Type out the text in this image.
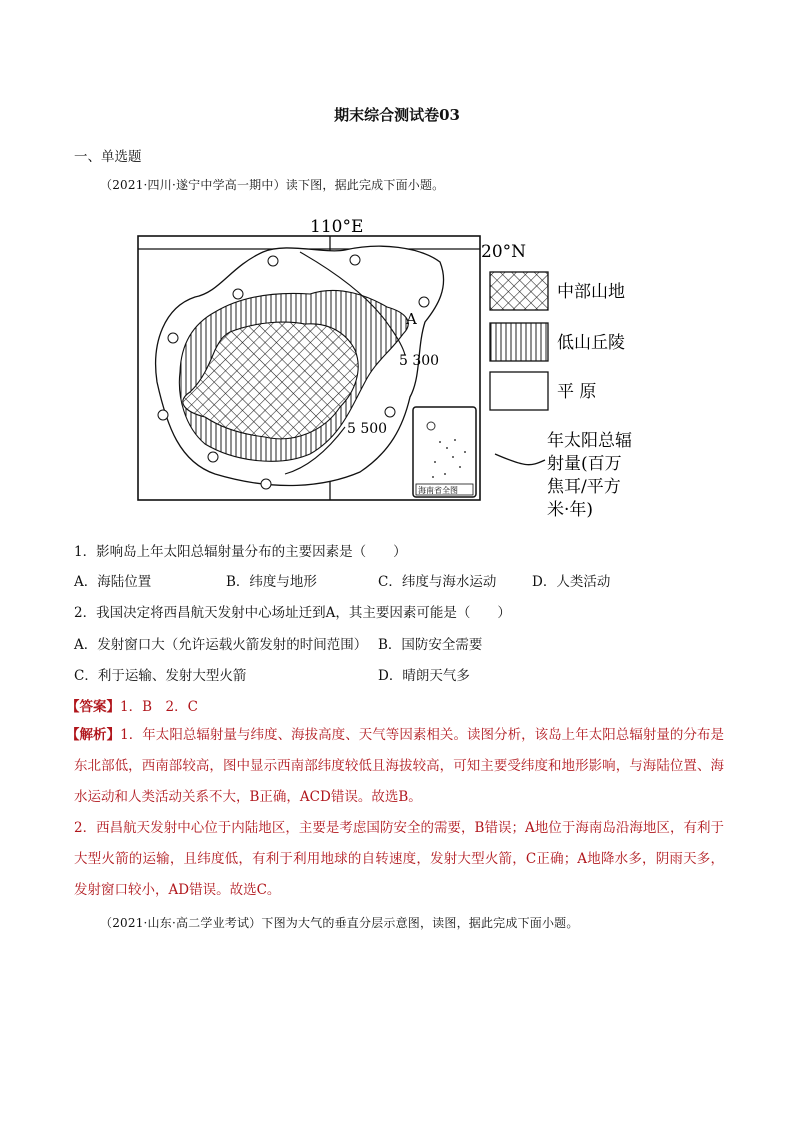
期末综合测试卷03
一、单选题
（2021·四川·遂宁中学高一期中）读下图，据此完成下面小题。
110°E
20°N
5 300
5 500
A
海南省全图
中部山地
低山丘陵
平 原
年太阳总辐
射量(百万
焦耳/平方
米·年)
1．影响岛上年太阳总辐射量分布的主要因素是（　　）
A．海陆位置	B．纬度与地形	C．纬度与海水运动	D．人类活动
2．我国决定将西昌航天发射中心场址迁到A，其主要因素可能是（　　）
A．发射窗口大（允许运载火箭发射的时间范围） B．国防安全需要
C．利于运输、发射大型火箭	D．晴朗天气多
【答案】1．B　2．C

【解析】1．年太阳总辐射量与纬度、海拔高度、天气等因素相关。读图分析，该岛上年太阳总辐射量的分布是东北部低，西南部较高，图中显示西南部纬度较低且海拔较高，可知主要受纬度和地形影响，与海陆位置、海水运动和人类活动关系不大，B正确，ACD错误。故选B。

2．西昌航天发射中心位于内陆地区，主要是考虑国防安全的需要，B错误；A地位于海南岛沿海地区，有利于大型火箭的运输，且纬度低，有利于利用地球的自转速度，发射大型火箭，C正确；A地降水多，阴雨天多，发射窗口较小，AD错误。故选C。

（2021·山东·高二学业考试）下图为大气的垂直分层示意图，读图，据此完成下面小题。
